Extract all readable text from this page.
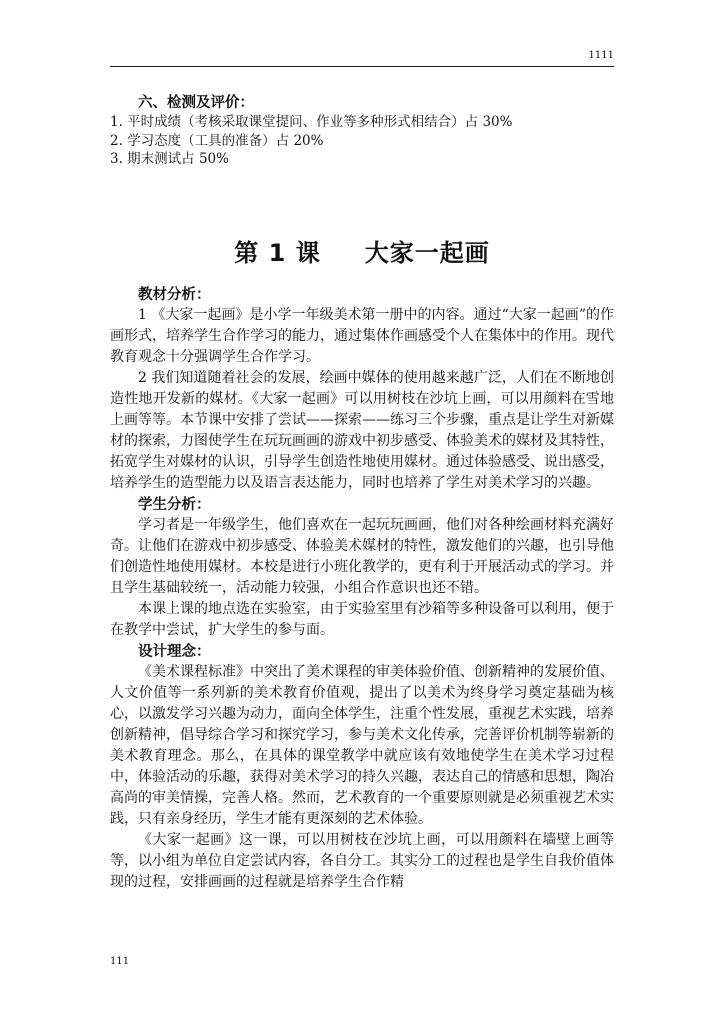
1111

六、检测及评价：

1. 平时成绩（考核采取课堂提问、作业等多种形式相结合）占 30%

2. 学习态度（工具的准备）占 20%

3. 期末测试占 50%

第 1 课 大家一起画

教材分析：

1 《大家一起画》是小学一年级美术第一册中的内容。通过“大家一起画”的作画形式，培养学生合作学习的能力，通过集体作画感受个人在集体中的作用。现代教育观念十分强调学生合作学习。

2 我们知道随着社会的发展，绘画中媒体的使用越来越广泛，人们在不断地创造性地开发新的媒材。《大家一起画》可以用树枝在沙坑上画，可以用颜料在雪地上画等等。本节课中安排了尝试——探索——练习三个步骤，重点是让学生对新媒材的探索，力图使学生在玩玩画画的游戏中初步感受、体验美术的媒材及其特性，拓宽学生对媒材的认识，引导学生创造性地使用媒材。通过体验感受、说出感受，培养学生的造型能力以及语言表达能力，同时也培养了学生对美术学习的兴趣。

学生分析：

学习者是一年级学生，他们喜欢在一起玩玩画画，他们对各种绘画材料充满好奇。让他们在游戏中初步感受、体验美术媒材的特性，激发他们的兴趣，也引导他们创造性地使用媒材。本校是进行小班化教学的，更有利于开展活动式的学习。并且学生基础较统一，活动能力较强，小组合作意识也还不错。

本课上课的地点选在实验室，由于实验室里有沙箱等多种设备可以利用，便于在教学中尝试，扩大学生的参与面。

设计理念：

《美术课程标准》中突出了美术课程的审美体验价值、创新精神的发展价值、人文价值等一系列新的美术教育价值观，提出了以美术为终身学习奠定基础为核心，以激发学习兴趣为动力，面向全体学生，注重个性发展，重视艺术实践，培养创新精神，倡导综合学习和探究学习，参与美术文化传承，完善评价机制等崭新的美术教育理念。那么，在具体的课堂教学中就应该有效地使学生在美术学习过程中，体验活动的乐趣，获得对美术学习的持久兴趣，表达自己的情感和思想，陶冶高尚的审美情操，完善人格。然而，艺术教育的一个重要原则就是必须重视艺术实践，只有亲身经历，学生才能有更深刻的艺术体验。

《大家一起画》这一课，可以用树枝在沙坑上画，可以用颜料在墙壁上画等等，以小组为单位自定尝试内容，各自分工。其实分工的过程也是学生自我价值体现的过程，安排画画的过程就是培养学生合作精

111
